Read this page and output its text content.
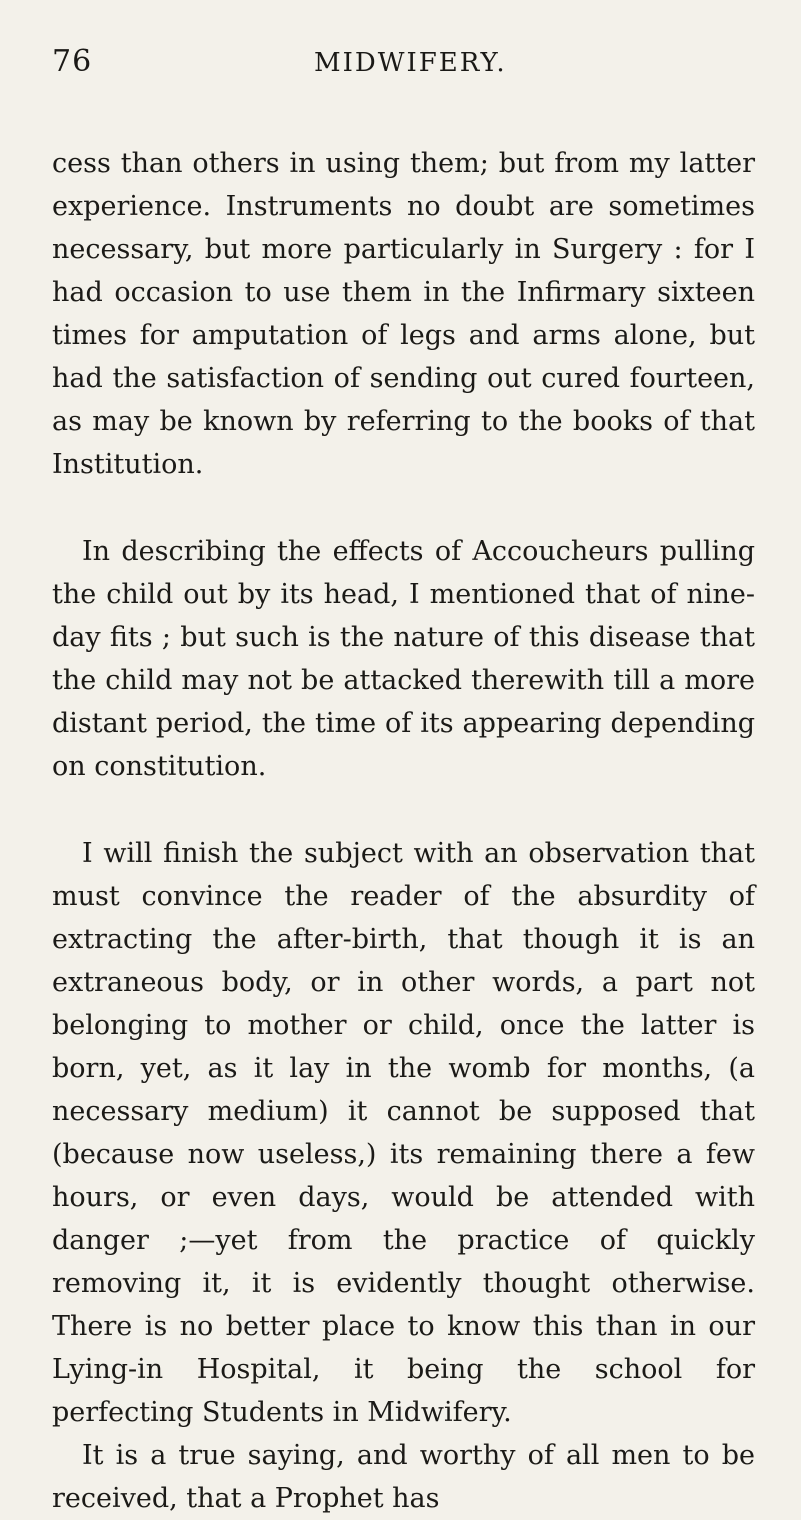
76	MIDWIFERY.

cess than others in using them; but from my latter experience. Instruments no doubt are sometimes necessary, but more particularly in Surgery : for I had occasion to use them in the Infirmary sixteen times for amputation of legs and arms alone, but had the satisfaction of sending out cured fourteen, as may be known by referring to the books of that Institution.

In describing the effects of Accoucheurs pulling the child out by its head, I mentioned that of nine-day fits ; but such is the nature of this disease that the child may not be attacked therewith till a more distant period, the time of its appearing depending on constitution.

I will finish the subject with an observation that must convince the reader of the absurdity of extracting the after-birth, that though it is an extraneous body, or in other words, a part not belonging to mother or child, once the latter is born, yet, as it lay in the womb for months, (a necessary medium) it cannot be supposed that (because now useless,) its remaining there a few hours, or even days, would be attended with danger ;—yet from the practice of quickly removing it, it is evidently thought otherwise. There is no better place to know this than in our Lying-in Hospital, it being the school for perfecting Students in Midwifery.

It is a true saying, and worthy of all men to be received, that a Prophet has
